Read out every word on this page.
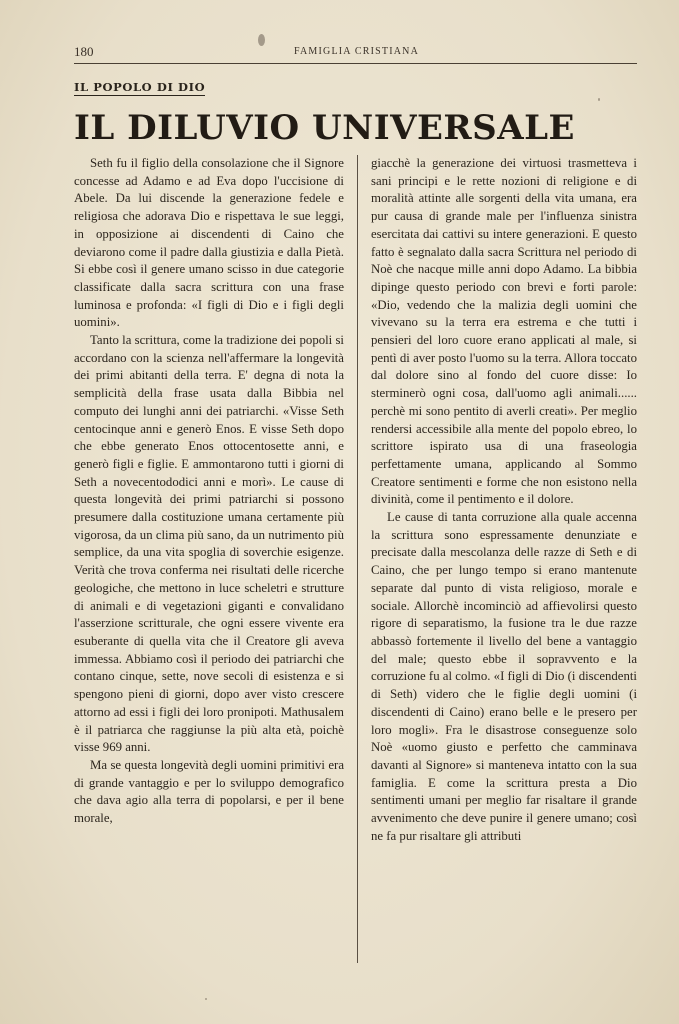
180	FAMIGLIA CRISTIANA
IL POPOLO DI DIO
IL DILUVIO UNIVERSALE

Seth fu il figlio della consolazione che il Signore concesse ad Adamo e ad Eva dopo l'uccisione di Abele. Da lui discende la generazione fedele e religiosa che adorava Dio e rispettava le sue leggi, in opposizione ai discendenti di Caino che deviarono come il padre dalla giustizia e dalla Pietà. Si ebbe così il genere umano scisso in due categorie classificate dalla sacra scrittura con una frase luminosa e profonda: «I figli di Dio e i figli degli uomini».

Tanto la scrittura, come la tradizione dei popoli si accordano con la scienza nell'affermare la longevità dei primi abitanti della terra. E' degna di nota la semplicità della frase usata dalla Bibbia nel computo dei lunghi anni dei patriarchi. «Visse Seth centocinque anni e generò Enos. E visse Seth dopo che ebbe generato Enos ottocentosette anni, e generò figli e figlie. E ammontarono tutti i giorni di Seth a novecentododici anni e morì». Le cause di questa longevità dei primi patriarchi si possono presumere dalla costituzione umana certamente più vigorosa, da un clima più sano, da un nutrimento più semplice, da una vita spoglia di soverchie esigenze. Verità che trova conferma nei risultati delle ricerche geologiche, che mettono in luce scheletri e strutture di animali e di vegetazioni giganti e convalidano l'asserzione scritturale, che ogni essere vivente era esuberante di quella vita che il Creatore gli aveva immessa. Abbiamo così il periodo dei patriarchi che contano cinque, sette, nove secoli di esistenza e si spengono pieni di giorni, dopo aver visto crescere attorno ad essi i figli dei loro pronipoti. Mathusalem è il patriarca che raggiunse la più alta età, poichè visse 969 anni.

Ma se questa longevità degli uomini primitivi era di grande vantaggio e per lo sviluppo demografico che dava agio alla terra di popolarsi, e per il bene morale,

giacchè la generazione dei virtuosi trasmetteva i sani principi e le rette nozioni di religione e di moralità attinte alle sorgenti della vita umana, era pur causa di grande male per l'influenza sinistra esercitata dai cattivi su intere generazioni. E questo fatto è segnalato dalla sacra Scrittura nel periodo di Noè che nacque mille anni dopo Adamo. La bibbia dipinge questo periodo con brevi e forti parole: «Dio, vedendo che la malizia degli uomini che vivevano su la terra era estrema e che tutti i pensieri del loro cuore erano applicati al male, si pentì di aver posto l'uomo su la terra. Allora toccato dal dolore sino al fondo del cuore disse: Io sterminerò ogni cosa, dall'uomo agli animali...... perchè mi sono pentito di averli creati». Per meglio rendersi accessibile alla mente del popolo ebreo, lo scrittore ispirato usa di una fraseologia perfettamente umana, applicando al Sommo Creatore sentimenti e forme che non esistono nella divinità, come il pentimento e il dolore.

Le cause di tanta corruzione alla quale accenna la scrittura sono espressamente denunziate e precisate dalla mescolanza delle razze di Seth e di Caino, che per lungo tempo si erano mantenute separate dal punto di vista religioso, morale e sociale. Allorchè incominciò ad affievolirsi questo rigore di separatismo, la fusione tra le due razze abbassò fortemente il livello del bene a vantaggio del male; questo ebbe il sopravvento e la corruzione fu al colmo. «I figli di Dio (i discendenti di Seth) videro che le figlie degli uomini (i discendenti di Caino) erano belle e le presero per loro mogli». Fra le disastrose conseguenze solo Noè «uomo giusto e perfetto che camminava davanti al Signore» si manteneva intatto con la sua famiglia. E come la scrittura presta a Dio sentimenti umani per meglio far risaltare il grande avvenimento che deve punire il genere umano; così ne fa pur risaltare gli attributi
